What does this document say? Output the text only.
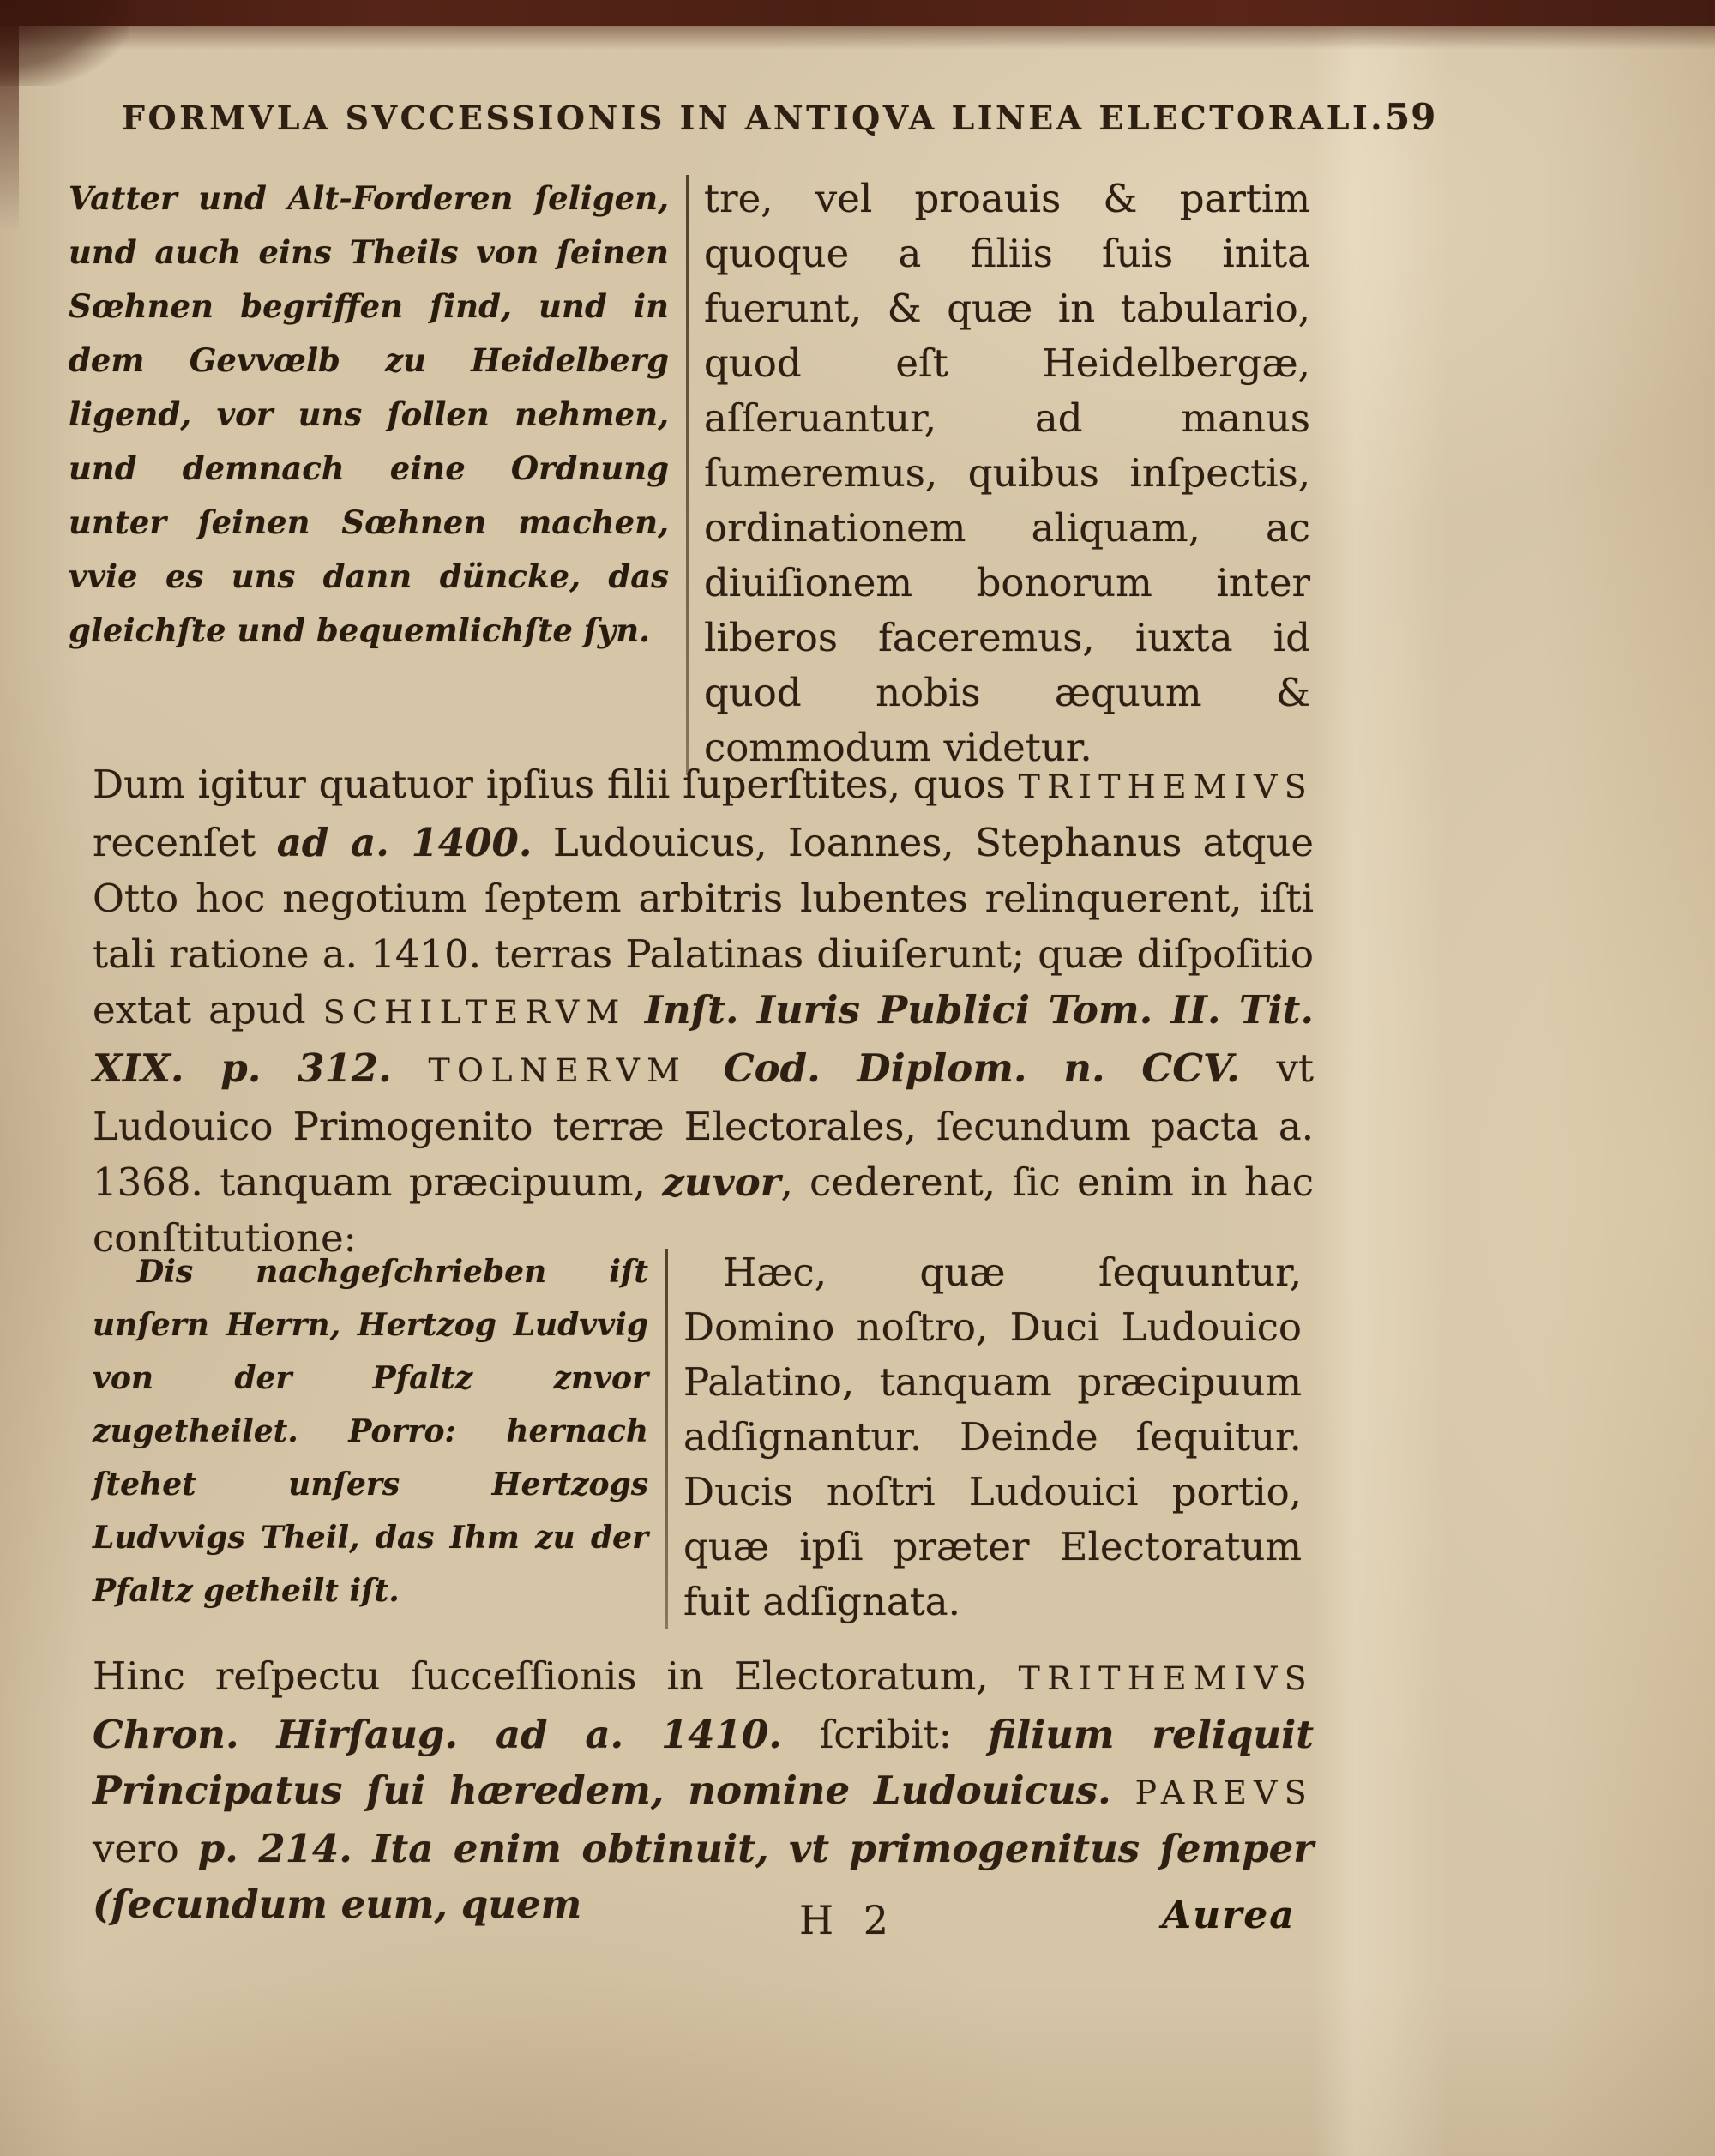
FORMVLA SVCCESSIONIS IN ANTIQVA LINEA ELECTORALI. 59
Vatter und Alt-Forderen ſeligen, und auch eins Theils von ſeinen Sœhnen begriffen ſind, und in dem Gevvœlb zu Heidelberg ligend, vor uns ſollen nehmen, und demnach eine Ordnung unter ſeinen Sœhnen machen, vvie es uns dann düncke, das gleichſte und bequemlichſte ſyn.
tre, vel proauis & partim quoque a filiis ſuis inita fuerunt, & quæ in tabulario, quod eſt Heidelbergæ, aſſeruantur, ad manus ſumeremus, quibus inſpectis, ordinationem aliquam, ac diuiſionem bonorum inter liberos faceremus, iuxta id quod nobis æquum & commodum videtur.

Dum igitur quatuor ipſius filii ſuperſtites, quos TRITHEMIVS recenſet ad a. 1400. Ludouicus, Ioannes, Stephanus atque Otto hoc negotium ſeptem arbitris lubentes relinquerent, iſti tali ratione a. 1410. terras Palatinas diuiſerunt; quæ diſpoſitio extat apud SCHILTERVM Inſt. Iuris Publici Tom. II. Tit. XIX. p. 312. TOLNERVM Cod. Diplom. n. CCV. vt Ludouico Primogenito terræ Electorales, ſecundum pacta a. 1368. tanquam præcipuum, zuvor, cederent, ſic enim in hac conſtitutione:

Dis nachgeſchrieben iſt unſern Herrn, Hertzog Ludvvig von der Pfaltz znvor zugetheilet. Porro: hernach ſtehet unſers Hertzogs Ludvvigs Theil, das Ihm zu der Pfaltz getheilt iſt.
Hæc, quæ ſequuntur, Domino noſtro, Duci Ludouico Palatino, tanquam præcipuum adſignantur. Deinde ſequitur. Ducis noſtri Ludouici portio, quæ ipſi præter Electoratum fuit adſignata.

Hinc reſpectu ſucceſſionis in Electoratum, TRITHEMIVS Chron. Hirſaug. ad a. 1410. ſcribit: filium reliquit Principatus ſui hæredem, nomine Ludouicus. PAREVS vero p. 214. Ita enim obtinuit, vt primogenitus ſemper (ſecundum eum, quem	H 2	Aurea
